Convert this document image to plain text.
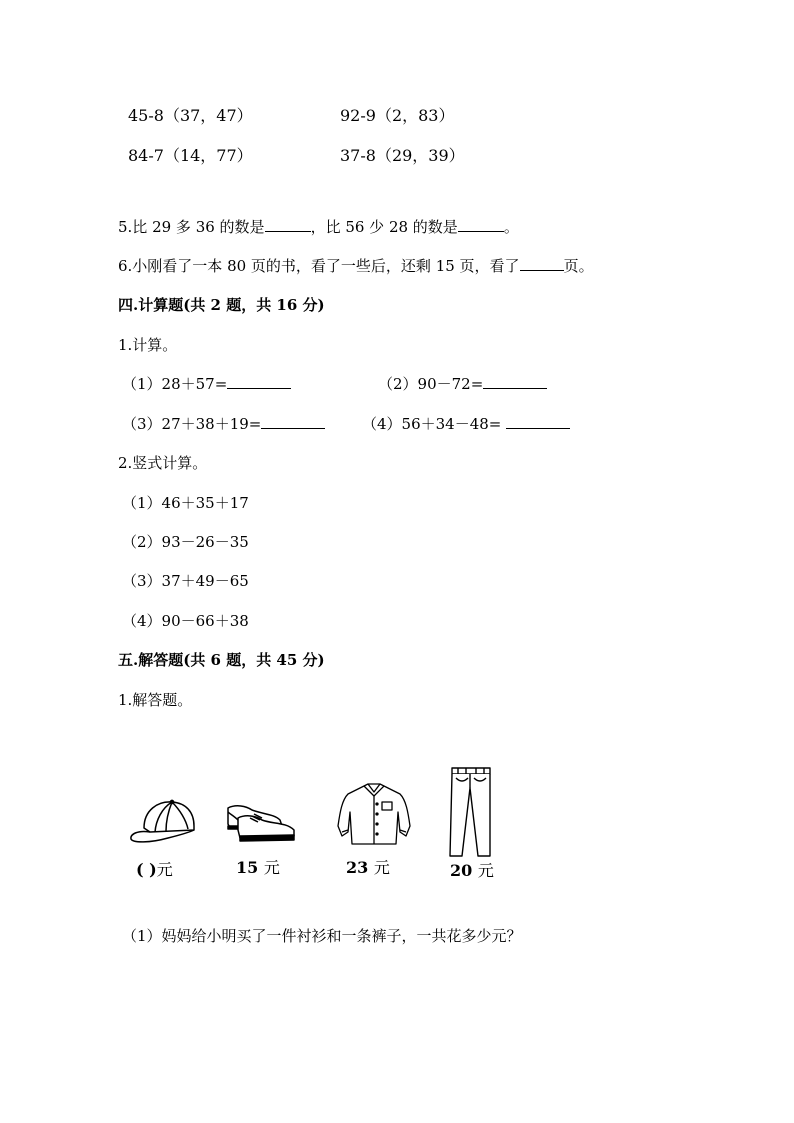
45-8（37，47）	92-9（2，83）
84-7（14，77）	37-8（29，39）
5.比 29 多 36 的数是	，比 56 少 28 的数是	。
6.小刚看了一本 80 页的书，看了一些后，还剩 15 页，看了	页。
四.计算题(共 2 题，共 16 分)
1.计算。
（1）28＋57=	（2）90－72=
（3）27＋38＋19=	（4）56＋34－48=
2.竖式计算。
（1）46＋35＋17
（2）93－26－35
（3）37＋49－65
（4）90－66＋38
五.解答题(共 6 题，共 45 分)
1.解答题。
( )元	15 元	23 元	20 元
（1）妈妈给小明买了一件衬衫和一条裤子，一共花多少元？
